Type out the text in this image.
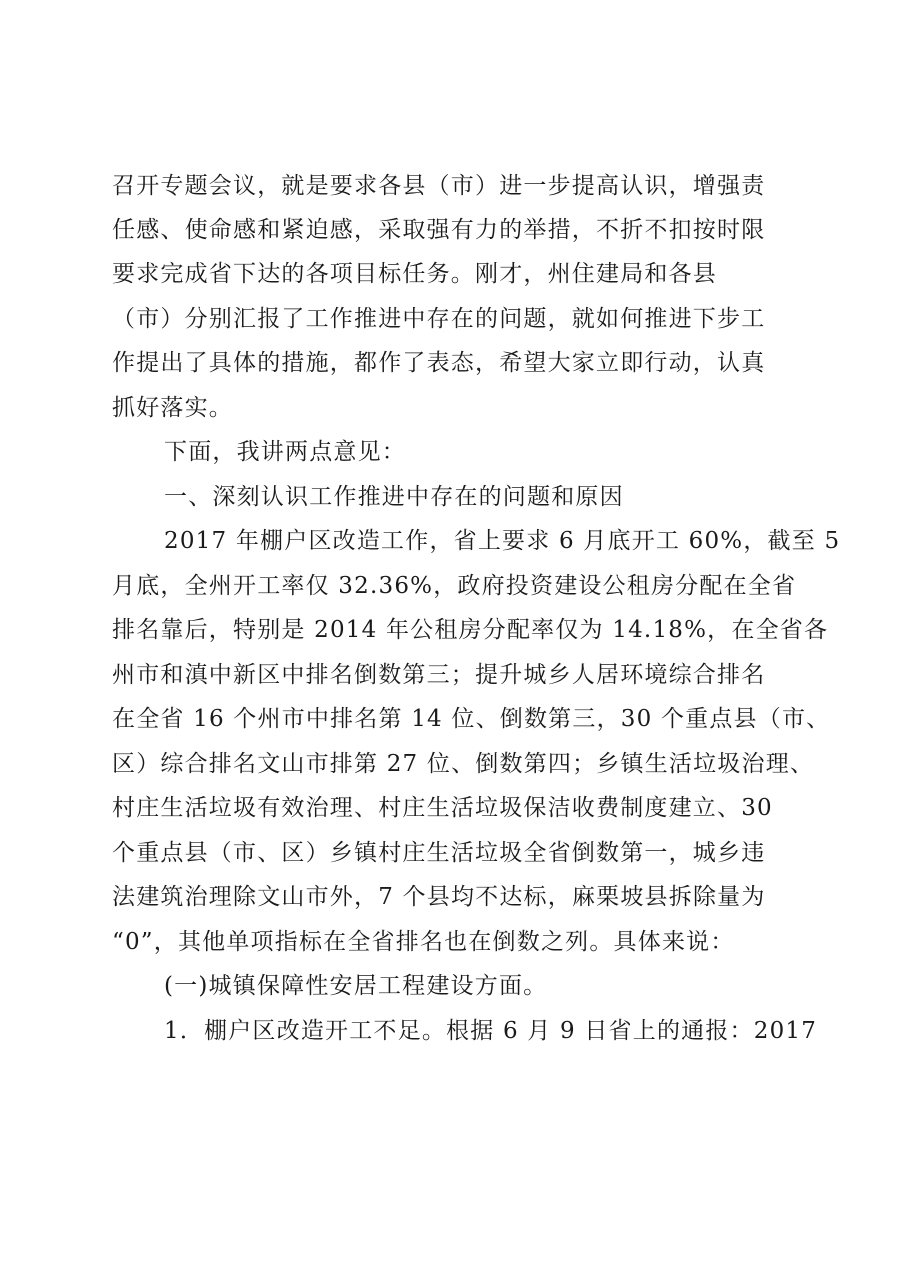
召开专题会议，就是要求各县（市）进一步提高认识，增强责
任感、使命感和紧迫感，采取强有力的举措，不折不扣按时限
要求完成省下达的各项目标任务。刚才，州住建局和各县
（市）分别汇报了工作推进中存在的问题，就如何推进下步工
作提出了具体的措施，都作了表态，希望大家立即行动，认真
抓好落实。
下面，我讲两点意见：
一、深刻认识工作推进中存在的问题和原因
2017 年棚户区改造工作，省上要求 6 月底开工 60%，截至 5
月底，全州开工率仅 32.36%，政府投资建设公租房分配在全省
排名靠后，特别是 2014 年公租房分配率仅为 14.18%，在全省各
州市和滇中新区中排名倒数第三；提升城乡人居环境综合排名
在全省 16 个州市中排名第 14 位、倒数第三，30 个重点县（市、
区）综合排名文山市排第 27 位、倒数第四；乡镇生活垃圾治理、
村庄生活垃圾有效治理、村庄生活垃圾保洁收费制度建立、30
个重点县（市、区）乡镇村庄生活垃圾全省倒数第一，城乡违
法建筑治理除文山市外，7 个县均不达标，麻栗坡县拆除量为
“0”，其他单项指标在全省排名也在倒数之列。具体来说：
(一)城镇保障性安居工程建设方面。
1．棚户区改造开工不足。根据 6 月 9 日省上的通报：2017
